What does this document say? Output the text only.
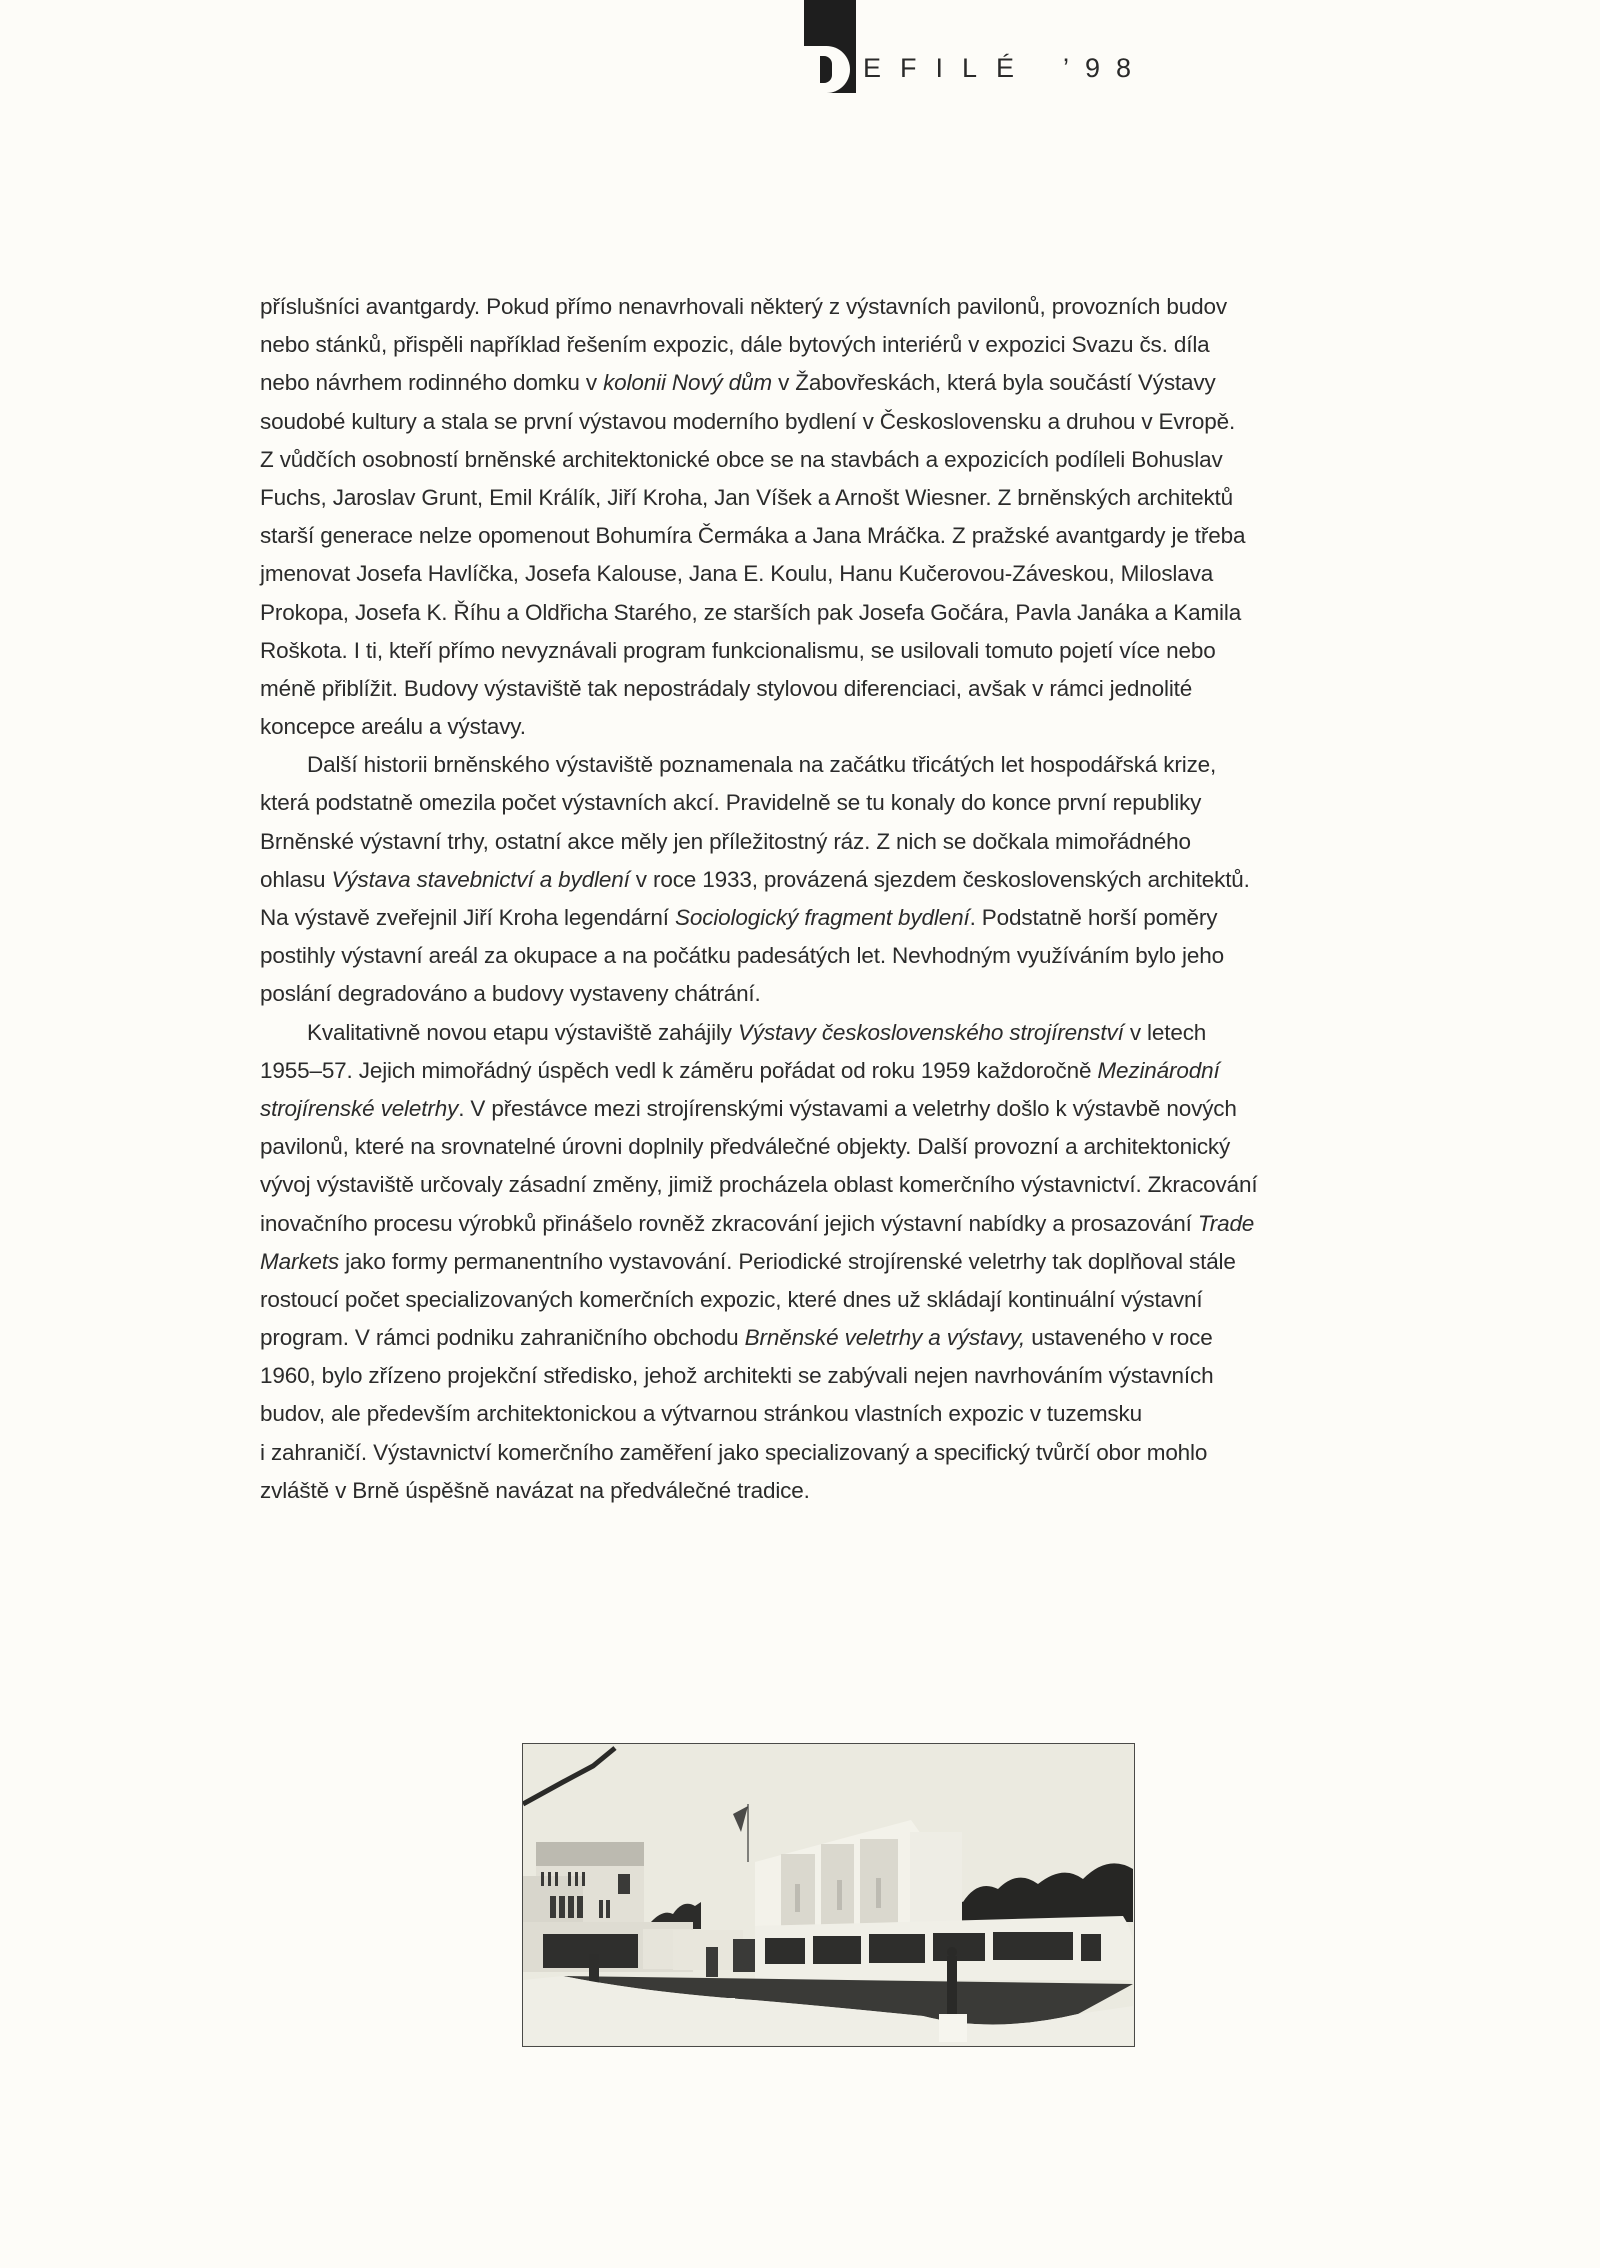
EFILÉ ’98
příslušníci avantgardy. Pokud přímo nenavrhovali některý z výstavních pavilonů, provozních budov
nebo stánků, přispěli například řešením expozic, dále bytových interiérů v expozici Svazu čs. díla
nebo návrhem rodinného domku v kolonii Nový dům v Žabovřeskách, která byla součástí Výstavy
soudobé kultury a stala se první výstavou moderního bydlení v Československu a druhou v Evropě.
Z vůdčích osobností brněnské architektonické obce se na stavbách a expozicích podíleli Bohuslav
Fuchs, Jaroslav Grunt, Emil Králík, Jiří Kroha, Jan Víšek a Arnošt Wiesner. Z brněnských architektů
starší generace nelze opomenout Bohumíra Čermáka a Jana Mráčka. Z pražské avantgardy je třeba
jmenovat Josefa Havlíčka, Josefa Kalouse, Jana E. Koulu, Hanu Kučerovou-Záveskou, Miloslava
Prokopa, Josefa K. Říhu a Oldřicha Starého, ze starších pak Josefa Gočára, Pavla Janáka a Kamila
Roškota. I ti, kteří přímo nevyznávali program funkcionalismu, se usilovali tomuto pojetí více nebo
méně přiblížit. Budovy výstaviště tak nepostrádaly stylovou diferenciaci, avšak v rámci jednolité
koncepce areálu a výstavy.
Další historii brněnského výstaviště poznamenala na začátku třicátých let hospodářská krize,
která podstatně omezila počet výstavních akcí. Pravidelně se tu konaly do konce první republiky
Brněnské výstavní trhy, ostatní akce měly jen příležitostný ráz. Z nich se dočkala mimořádného
ohlasu Výstava stavebnictví a bydlení v roce 1933, provázená sjezdem československých architektů.
Na výstavě zveřejnil Jiří Kroha legendární Sociologický fragment bydlení. Podstatně horší poměry
postihly výstavní areál za okupace a na počátku padesátých let. Nevhodným využíváním bylo jeho
poslání degradováno a budovy vystaveny chátrání.
Kvalitativně novou etapu výstaviště zahájily Výstavy československého strojírenství v letech
1955–57. Jejich mimořádný úspěch vedl k záměru pořádat od roku 1959 každoročně Mezinárodní
strojírenské veletrhy. V přestávce mezi strojírenskými výstavami a veletrhy došlo k výstavbě nových
pavilonů, které na srovnatelné úrovni doplnily předválečné objekty. Další provozní a architektonický
vývoj výstaviště určovaly zásadní změny, jimiž procházela oblast komerčního výstavnictví. Zkracování
inovačního procesu výrobků přinášelo rovněž zkracování jejich výstavní nabídky a prosazování Trade
Markets jako formy permanentního vystavování. Periodické strojírenské veletrhy tak doplňoval stále
rostoucí počet specializovaných komerčních expozic, které dnes už skládají kontinuální výstavní
program. V rámci podniku zahraničního obchodu Brněnské veletrhy a výstavy, ustaveného v roce
1960, bylo zřízeno projekční středisko, jehož architekti se zabývali nejen navrhováním výstavních
budov, ale především architektonickou a výtvarnou stránkou vlastních expozic v tuzemsku
i zahraničí. Výstavnictví komerčního zaměření jako specializovaný a specifický tvůrčí obor mohlo
zvláště v Brně úspěšně navázat na předválečné tradice.
